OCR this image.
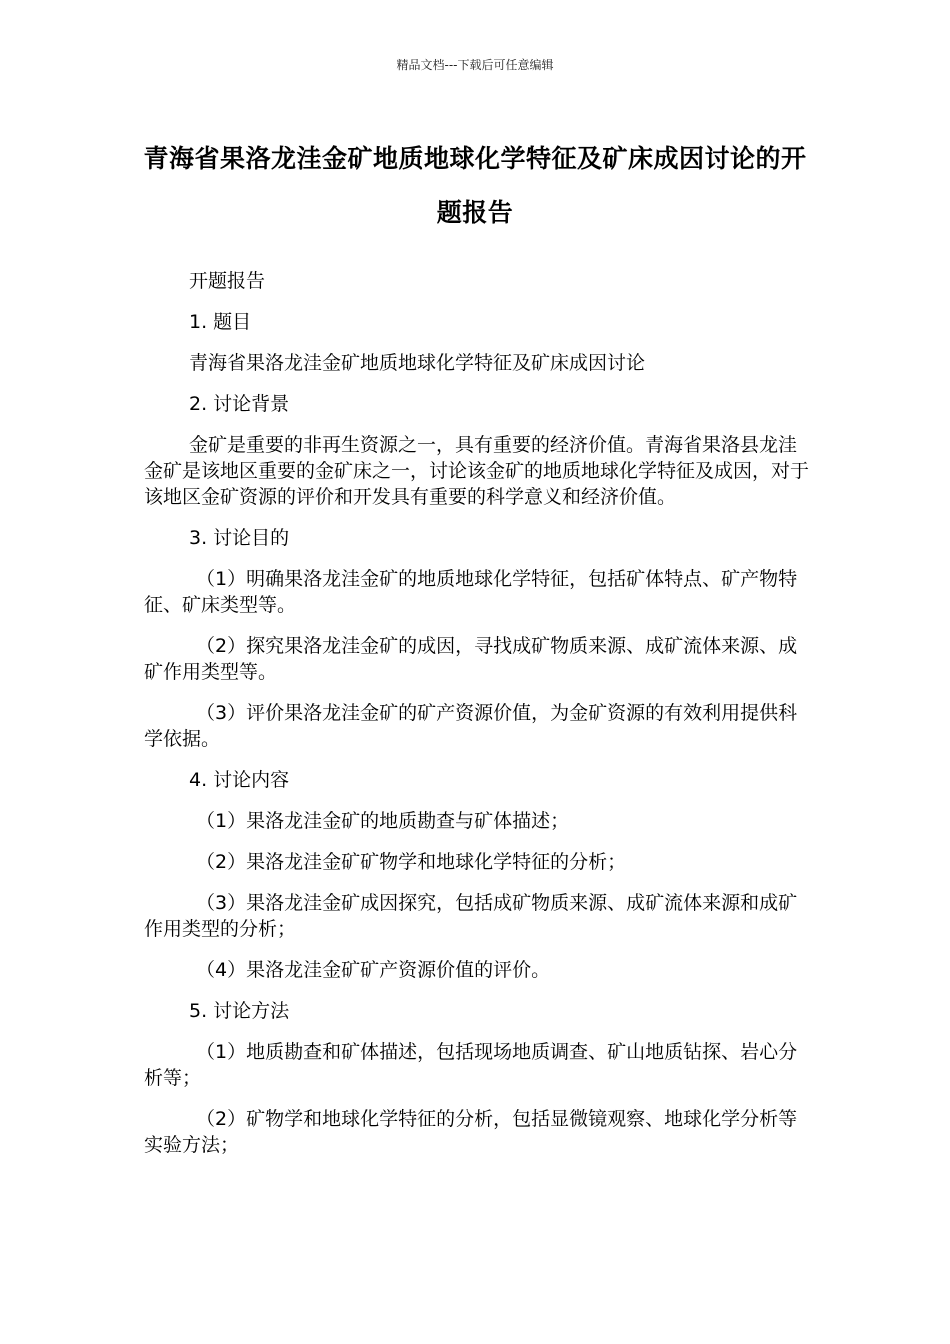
精品文档---下载后可任意编辑
青海省果洛龙洼金矿地质地球化学特征及矿床成因讨论的开题报告
开题报告
1. 题目
青海省果洛龙洼金矿地质地球化学特征及矿床成因讨论
2. 讨论背景
金矿是重要的非再生资源之一，具有重要的经济价值。青海省果洛县龙洼金矿是该地区重要的金矿床之一，讨论该金矿的地质地球化学特征及成因，对于该地区金矿资源的评价和开发具有重要的科学意义和经济价值。
3. 讨论目的
（1）明确果洛龙洼金矿的地质地球化学特征，包括矿体特点、矿产物特征、矿床类型等。
（2）探究果洛龙洼金矿的成因，寻找成矿物质来源、成矿流体来源、成矿作用类型等。
（3）评价果洛龙洼金矿的矿产资源价值，为金矿资源的有效利用提供科学依据。
4. 讨论内容
（1）果洛龙洼金矿的地质勘查与矿体描述；
（2）果洛龙洼金矿矿物学和地球化学特征的分析；
（3）果洛龙洼金矿成因探究，包括成矿物质来源、成矿流体来源和成矿作用类型的分析；
（4）果洛龙洼金矿矿产资源价值的评价。
5. 讨论方法
（1）地质勘查和矿体描述，包括现场地质调查、矿山地质钻探、岩心分析等；
（2）矿物学和地球化学特征的分析，包括显微镜观察、地球化学分析等实验方法；
